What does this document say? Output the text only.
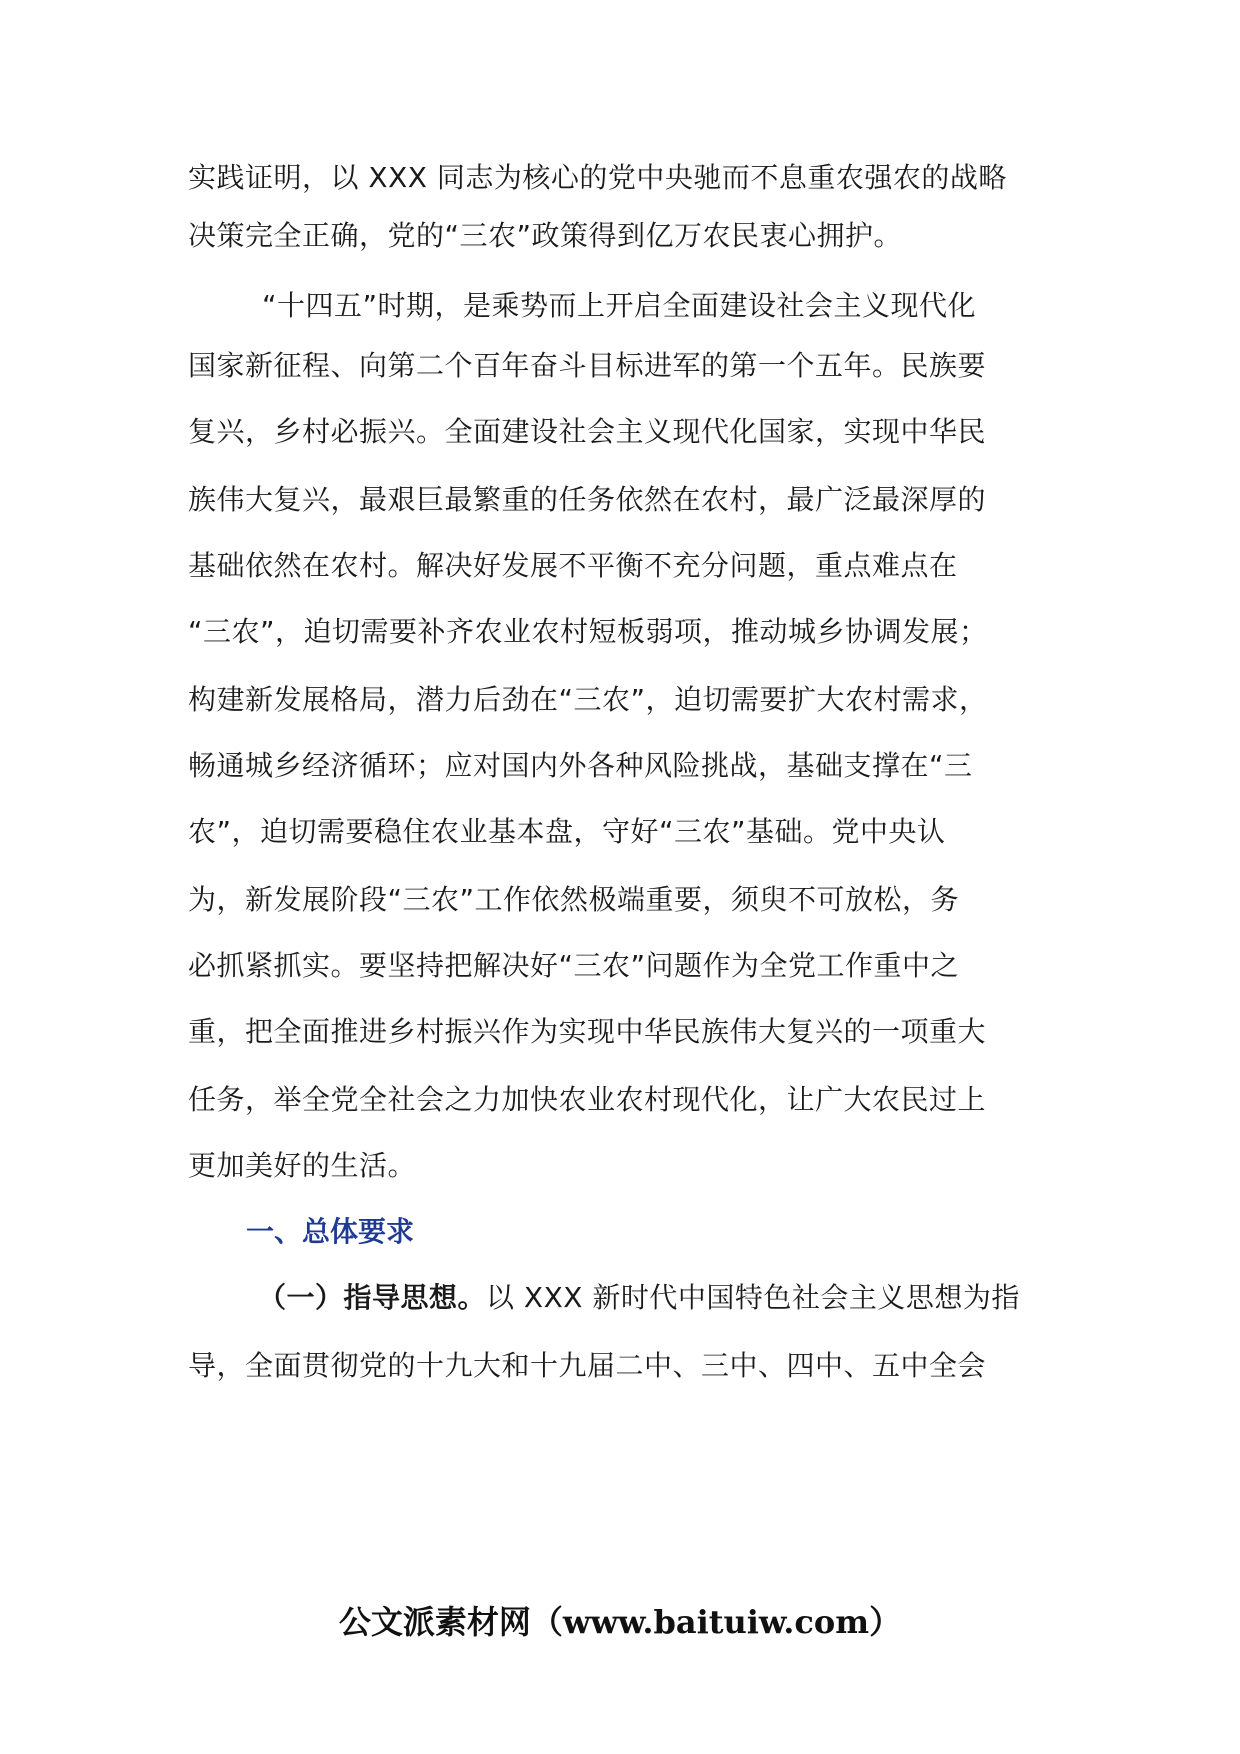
实践证明，以 XXX 同志为核心的党中央驰而不息重农强农的战略
决策完全正确，党的“三农”政策得到亿万农民衷心拥护。
“十四五”时期，是乘势而上开启全面建设社会主义现代化
国家新征程、向第二个百年奋斗目标进军的第一个五年。民族要
复兴，乡村必振兴。全面建设社会主义现代化国家，实现中华民
族伟大复兴，最艰巨最繁重的任务依然在农村，最广泛最深厚的
基础依然在农村。解决好发展不平衡不充分问题，重点难点在
“三农”，迫切需要补齐农业农村短板弱项，推动城乡协调发展；
构建新发展格局，潜力后劲在“三农”，迫切需要扩大农村需求，
畅通城乡经济循环；应对国内外各种风险挑战，基础支撑在“三
农”，迫切需要稳住农业基本盘，守好“三农”基础。党中央认
为，新发展阶段“三农”工作依然极端重要，须臾不可放松，务
必抓紧抓实。要坚持把解决好“三农”问题作为全党工作重中之
重，把全面推进乡村振兴作为实现中华民族伟大复兴的一项重大
任务，举全党全社会之力加快农业农村现代化，让广大农民过上
更加美好的生活。
一、总体要求
（一）指导思想。以 XXX 新时代中国特色社会主义思想为指
导，全面贯彻党的十九大和十九届二中、三中、四中、五中全会
公文派素材网（www.baituiw.com）
